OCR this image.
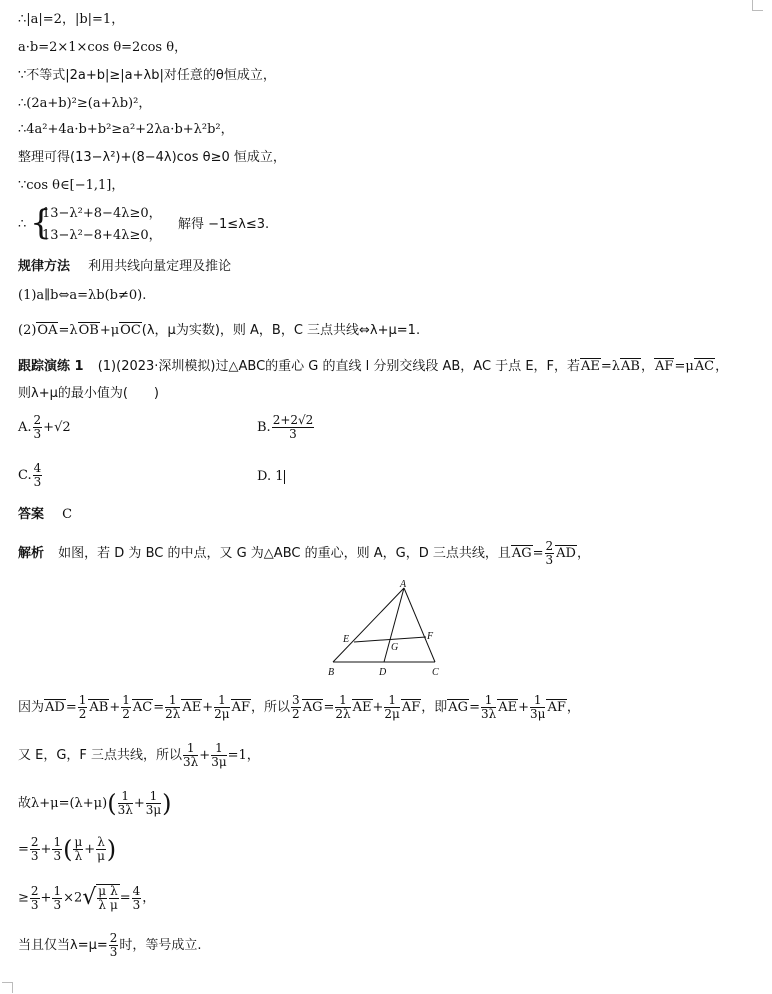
∴|a|=2，|b|=1，
a·b=2×1×cos θ=2cos θ，
∵不等式|2a+b|≥|a+λb|对任意的θ恒成立，
∴(2a+b)²≥(a+λb)²，
∴4a²+4a·b+b²≥a²+2λa·b+λ²b²，
整理可得(13−λ²)+(8−4λ)cos θ≥0 恒成立，
∵cos θ∈[−1,1]，
∴ {
13−λ²+8−4λ≥0，
13−λ²−8+4λ≥0，
解得 −1≤λ≤3.
规律方法 利用共线向量定理及推论
(1)a∥b⇔a=λb(b≠0).
(2)OA=λOB+μOC(λ，μ为实数)，则 A，B，C 三点共线⇔λ+μ=1.
跟踪演练 1 (1)(2023·深圳模拟)过△ABC的重心 G 的直线 l 分别交线段 AB，AC 于点 E，F，若AE=λAB，AF=μAC，
则λ+μ的最小值为(　　)
A. $\frac{2}{3} +√2$	B. $\frac{2+2√2}{3}$
C. $\frac{4}{3}$	D. 1
答案 C
解析 如图，若 D 为 BC 的中点，又 G 为△ABC 的重心，则 A，G，D 三点共线，且$AG= \frac{2}{3}$ AD，
A
B	C
D
E	F
G
因为$AD= \frac{1}{2} AB+ \frac{1}{2} AC= \frac{1}{2\lambda} AE+ \frac{1}{2\mu}$ AF，所以 $\frac{3}{2} AG= \frac{1}{2\lambda} AE+ \frac{1}{2\mu}$ AF，即$AG= \frac{1}{3\lambda} AE+ \frac{1}{3\mu}$ AF，
又 E，G，F 三点共线，所以 $\frac{1}{3\lambda} + \frac{1}{3\mu} =1$，
故$\lambda+\mu=(\lambda+\mu)( \frac{1}{3\lambda} + \frac{1}{3\mu}$ )
= $\frac{2}{3} + \frac{1}{3}$ ( $\frac{\mu}{\lambda} + \frac{\lambda}{\mu}$ )
≥ $\frac{2}{3} + \frac{1}{3} \times 2√ \frac{\mu}{\lambda} \frac{\lambda}{\mu} = \frac{4}{3}$ ，
当且仅当$\lambda=\mu= \frac{2}{3}$ 时，等号成立.
